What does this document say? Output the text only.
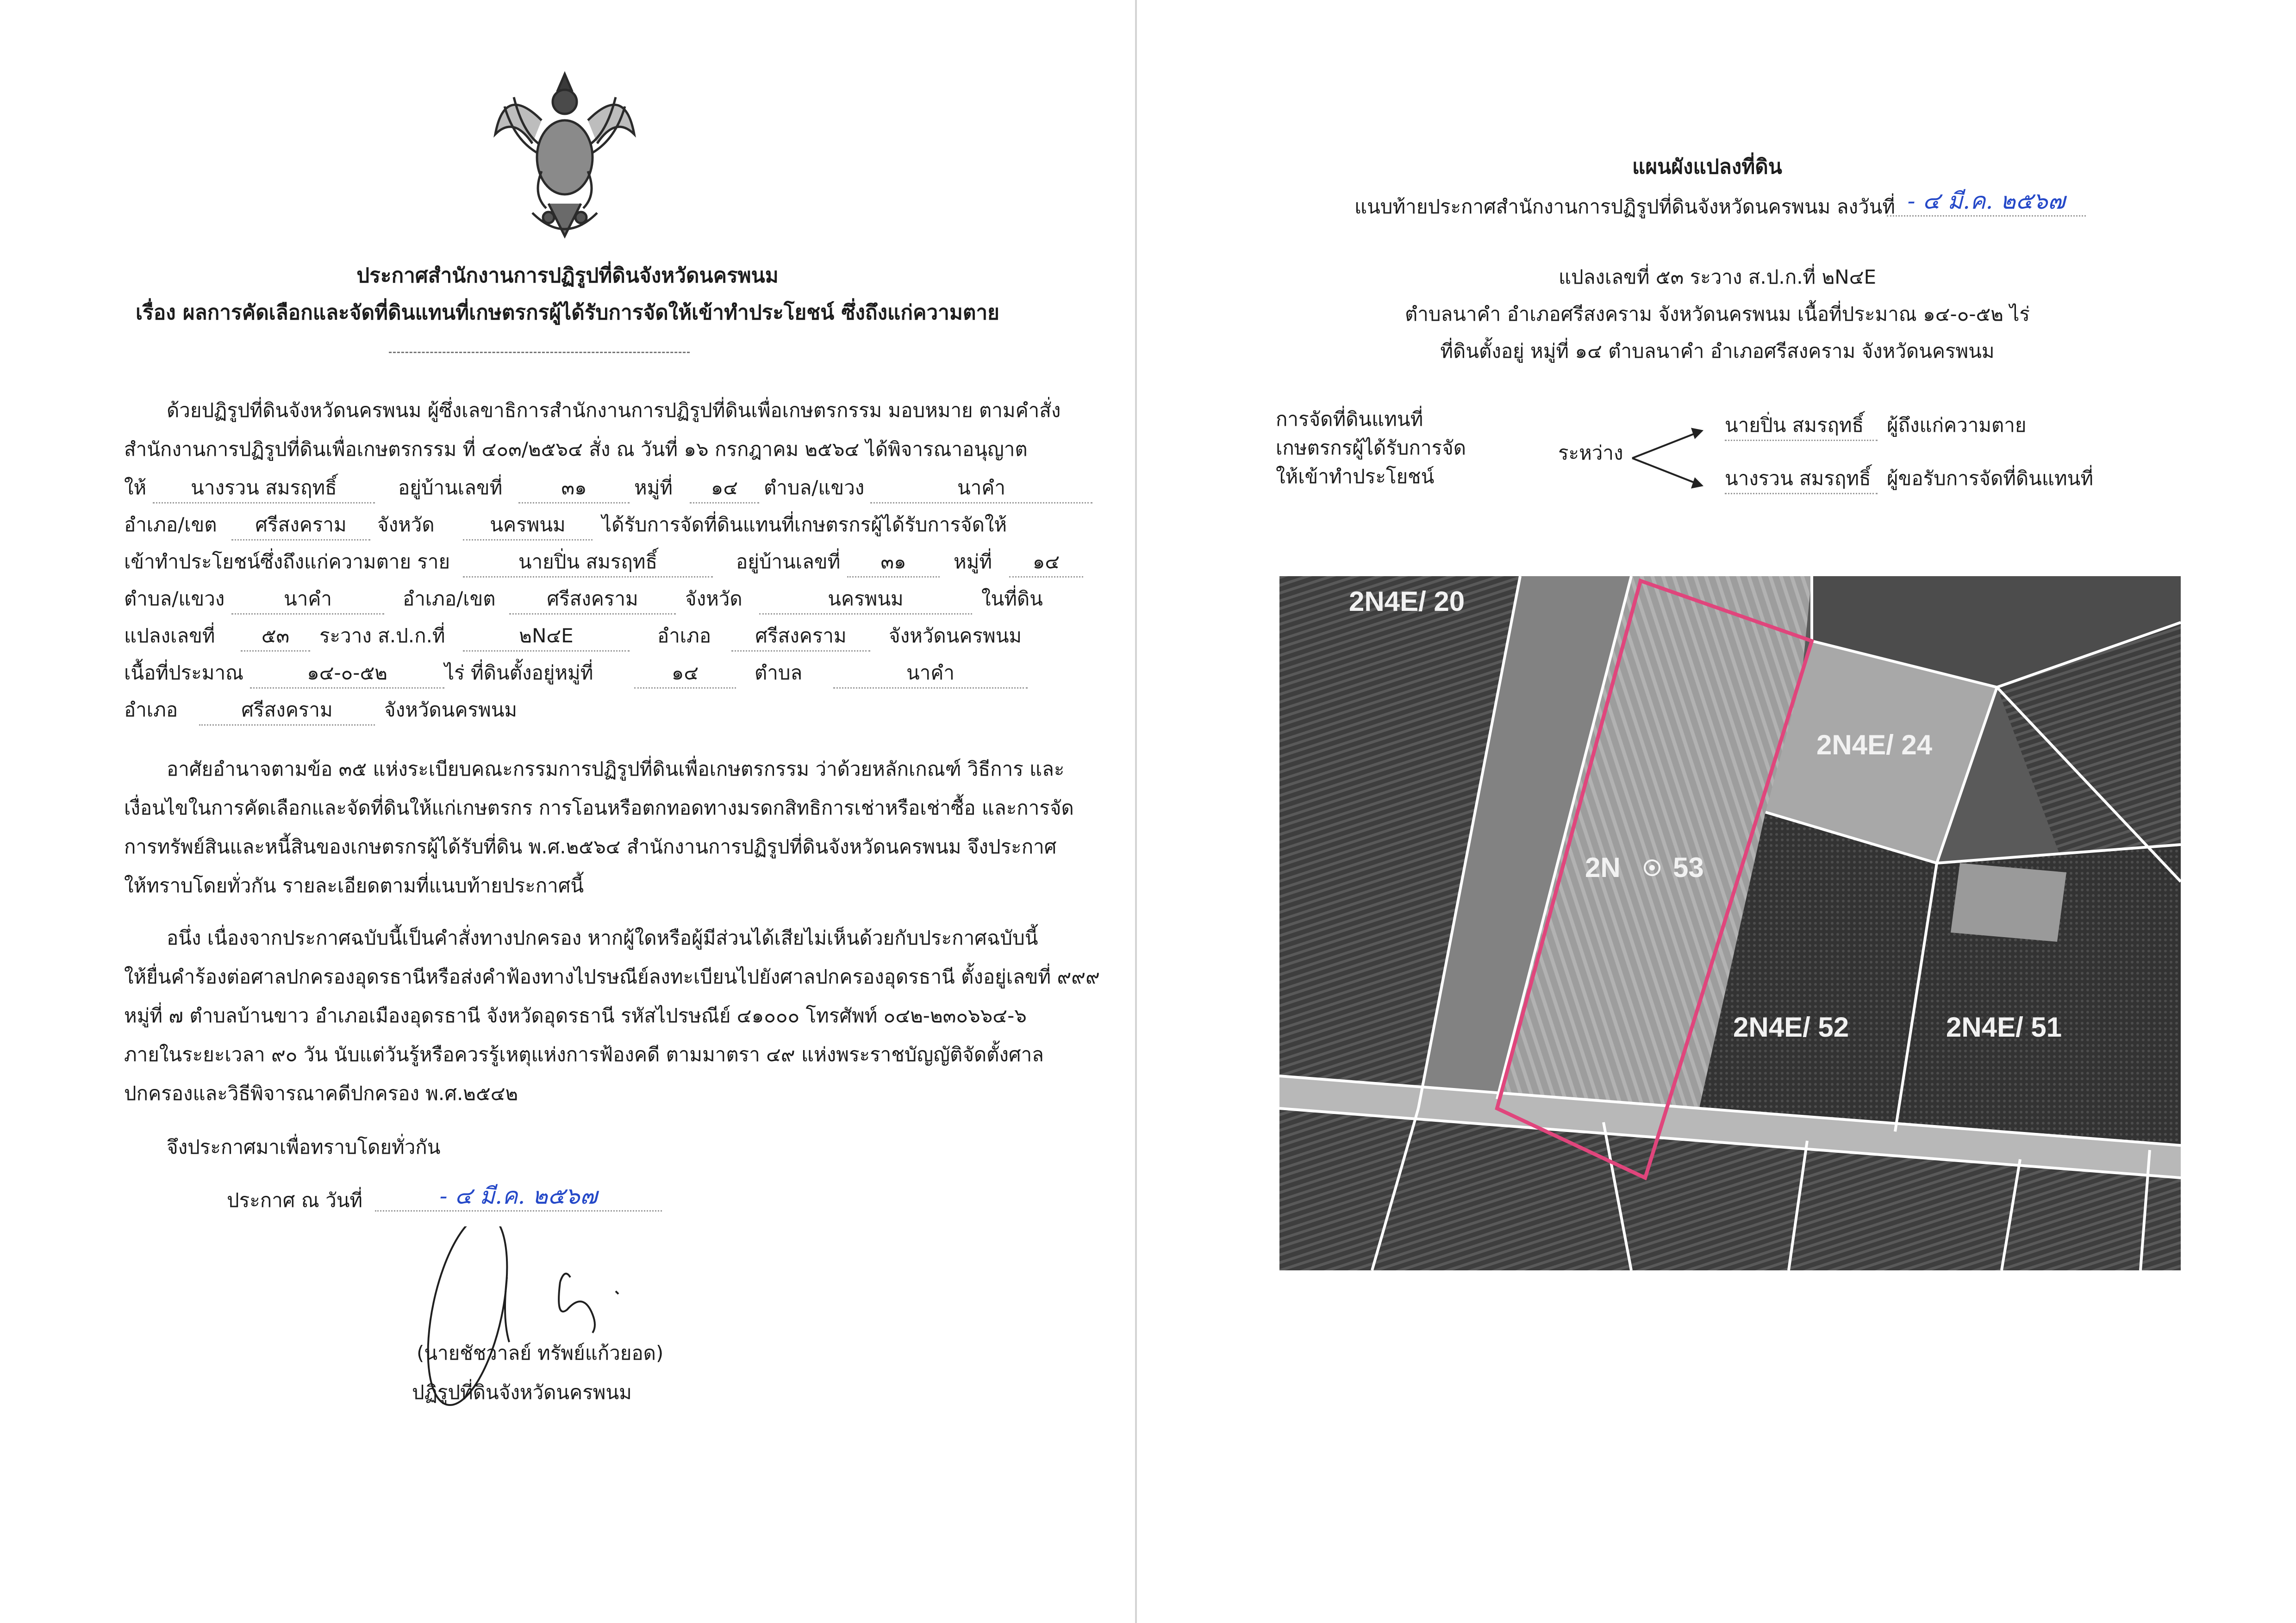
ประกาศสำนักงานการปฏิรูปที่ดินจังหวัดนครพนม
เรื่อง ผลการคัดเลือกและจัดที่ดินแทนที่เกษตรกรผู้ได้รับการจัดให้เข้าทำประโยชน์ ซึ่งถึงแก่ความตาย
ด้วยปฏิรูปที่ดินจังหวัดนครพนม ผู้ซึ่งเลขาธิการสำนักงานการปฏิรูปที่ดินเพื่อเกษตรกรรม มอบหมาย ตามคำสั่ง
สำนักงานการปฏิรูปที่ดินเพื่อเกษตรกรรม ที่ ๔๐๓/๒๕๖๔ สั่ง ณ วันที่ ๑๖ กรกฎาคม ๒๕๖๔ ได้พิจารณาอนุญาต
ให้	นางรวน สมรฤทธิ์	อยู่บ้านเลขที่	๓๑	หมู่ที่	๑๔	ตำบล/แขวง	นาคำ
อำเภอ/เขต	ศรีสงคราม	จังหวัด	นครพนม	ได้รับการจัดที่ดินแทนที่เกษตรกรผู้ได้รับการจัดให้
เข้าทำประโยชน์ซึ่งถึงแก่ความตาย ราย	นายปิ่น สมรฤทธิ์	อยู่บ้านเลขที่	๓๑	หมู่ที่	๑๔
ตำบล/แขวง	นาคำ	อำเภอ/เขต	ศรีสงคราม	จังหวัด	นครพนม	ในที่ดิน
แปลงเลขที่	๕๓	ระวาง ส.ป.ก.ที่	๒N๔E	อำเภอ	ศรีสงคราม	จังหวัดนครพนม
เนื้อที่ประมาณ	๑๔-๐-๕๒	ไร่ ที่ดินตั้งอยู่หมู่ที่	๑๔	ตำบล	นาคำ
อำเภอ	ศรีสงคราม	จังหวัดนครพนม
อาศัยอำนาจตามข้อ ๓๕ แห่งระเบียบคณะกรรมการปฏิรูปที่ดินเพื่อเกษตรกรรม ว่าด้วยหลักเกณฑ์ วิธีการ และ
เงื่อนไขในการคัดเลือกและจัดที่ดินให้แก่เกษตรกร การโอนหรือตกทอดทางมรดกสิทธิการเช่าหรือเช่าซื้อ และการจัด
การทรัพย์สินและหนี้สินของเกษตรกรผู้ได้รับที่ดิน พ.ศ.๒๕๖๔ สำนักงานการปฏิรูปที่ดินจังหวัดนครพนม จึงประกาศ
ให้ทราบโดยทั่วกัน รายละเอียดตามที่แนบท้ายประกาศนี้
อนึ่ง เนื่องจากประกาศฉบับนี้เป็นคำสั่งทางปกครอง หากผู้ใดหรือผู้มีส่วนได้เสียไม่เห็นด้วยกับประกาศฉบับนี้
ให้ยื่นคำร้องต่อศาลปกครองอุดรธานีหรือส่งคำฟ้องทางไปรษณีย์ลงทะเบียนไปยังศาลปกครองอุดรธานี ตั้งอยู่เลขที่ ๙๙๙
หมู่ที่ ๗ ตำบลบ้านขาว อำเภอเมืองอุดรธานี จังหวัดอุดรธานี รหัสไปรษณีย์ ๔๑๐๐๐ โทรศัพท์ ๐๔๒-๒๓๐๖๖๔-๖
ภายในระยะเวลา ๙๐ วัน นับแต่วันรู้หรือควรรู้เหตุแห่งการฟ้องคดี ตามมาตรา ๔๙ แห่งพระราชบัญญัติจัดตั้งศาล
ปกครองและวิธีพิจารณาคดีปกครอง พ.ศ.๒๕๔๒
จึงประกาศมาเพื่อทราบโดยทั่วกัน
ประกาศ ณ วันที่	- ๔ มี.ค. ๒๕๖๗
(นายชัชวาลย์ ทรัพย์แก้วยอด)
ปฏิรูปที่ดินจังหวัดนครพนม
แผนผังแปลงที่ดิน
แนบท้ายประกาศสำนักงานการปฏิรูปที่ดินจังหวัดนครพนม ลงวันที่ - ๔ มี.ค. ๒๕๖๗
แปลงเลขที่ ๕๓ ระวาง ส.ป.ก.ที่ ๒N๔E
ตำบลนาคำ อำเภอศรีสงคราม จังหวัดนครพนม เนื้อที่ประมาณ ๑๔-๐-๕๒ ไร่
ที่ดินตั้งอยู่ หมู่ที่ ๑๔ ตำบลนาคำ อำเภอศรีสงคราม จังหวัดนครพนม
การจัดที่ดินแทนที่
เกษตรกรผู้ได้รับการจัด
ให้เข้าทำประโยชน์
ระหว่าง
นายปิ่น สมรฤทธิ์	ผู้ถึงแก่ความตาย
นางรวน สมรฤทธิ์ ผู้ขอรับการจัดที่ดินแทนที่
2N4E/ 20
2N4E/ 24
2N 53
2N4E/ 52	2N4E/ 51
